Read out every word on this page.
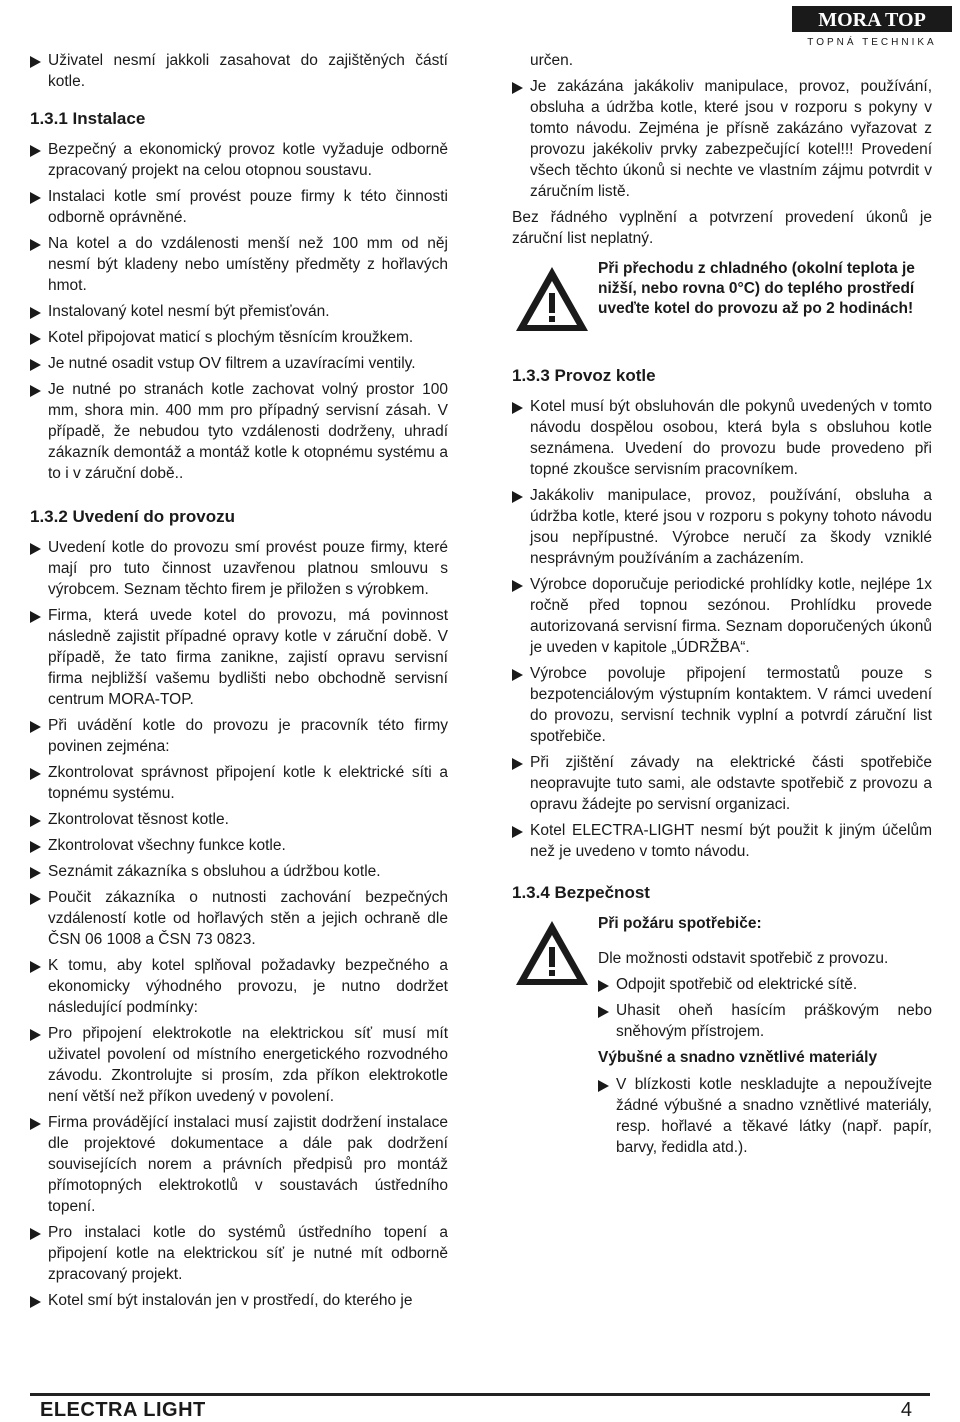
MORA TOP
TOPNÁ TECHNIKA
Uživatel nesmí jakkoli zasahovat do zajištěných částí kotle.
1.3.1 Instalace
Bezpečný a ekonomický provoz kotle vyžaduje odborně zpracovaný projekt na celou otopnou soustavu.
Instalaci kotle smí provést pouze firmy k této činnosti odborně oprávněné.
Na kotel a do vzdálenosti menší než 100 mm od něj nesmí být kladeny nebo umístěny předměty z hořlavých hmot.
Instalovaný kotel nesmí být přemisťován.
Kotel připojovat maticí s plochým těsnícím kroužkem.
Je nutné osadit vstup OV filtrem a uzavíracími ventily.
Je nutné po stranách kotle zachovat volný prostor 100 mm, shora min. 400 mm pro případný servisní zásah. V případě, že nebudou tyto vzdálenosti dodrženy, uhradí zákazník demontáž a montáž kotle k otopnému systému a to i v záruční době..
1.3.2 Uvedení do provozu
Uvedení kotle do provozu smí provést pouze firmy, které mají pro tuto činnost uzavřenou platnou smlouvu s výrobcem. Seznam těchto firem je přiložen s výrobkem.
Firma, která uvede kotel do provozu, má povinnost následně zajistit případné opravy kotle v záruční době. V případě, že tato firma zanikne, zajistí opravu servisní firma nejbližší vašemu bydlišti nebo obchodně servisní centrum MORA-TOP.
Při uvádění kotle do provozu je pracovník této firmy povinen zejména:
Zkontrolovat správnost připojení kotle k elektrické síti a topnému systému.
Zkontrolovat těsnost kotle.
Zkontrolovat všechny funkce kotle.
Seznámit zákazníka s obsluhou a údržbou kotle.
Poučit zákazníka o nutnosti zachování bezpečných vzdáleností kotle od hořlavých stěn a jejich ochraně dle ČSN 06 1008 a ČSN 73 0823.
K tomu, aby kotel splňoval požadavky bezpečného a ekonomicky výhodného provozu, je nutno dodržet následující podmínky:
Pro připojení elektrokotle na elektrickou síť musí mít uživatel povolení od místního energetického rozvodného závodu. Zkontrolujte si prosím, zda příkon elektrokotle není větší než příkon uvedený v povolení.
Firma provádějící instalaci musí zajistit dodržení instalace dle projektové dokumentace a dále pak dodržení souvisejících norem a právních předpisů pro montáž přímotopných elektrokotlů v soustavách ústředního topení.
Pro instalaci kotle do systémů ústředního topení a připojení kotle na elektrickou síť je nutné mít odborně zpracovaný projekt.
Kotel smí být instalován jen v prostředí, do kterého je
určen.
Je zakázána jakákoliv manipulace, provoz, používání, obsluha a údržba kotle, které jsou v rozporu s pokyny v tomto návodu. Zejména je přísně zakázáno vyřazovat z provozu jakékoliv prvky zabezpečující kotel!!! Provedení všech těchto úkonů si nechte ve vlastním zájmu potvrdit v záručním listě.
Bez řádného vyplnění a potvrzení provedení úkonů je záruční list neplatný.
Při přechodu z chladného (okolní teplota je nižší, nebo rovna 0°C) do teplého prostředí uveďte kotel do provozu až po 2 hodinách!
1.3.3 Provoz kotle
Kotel musí být obsluhován dle pokynů uvedených v tomto návodu dospělou osobou, která byla s obsluhou kotle seznámena. Uvedení do provozu bude provedeno při topné zkoušce servisním pracovníkem.
Jakákoliv manipulace, provoz, používání, obsluha a údržba kotle, které jsou v rozporu s pokyny tohoto návodu jsou nepřípustné. Výrobce neručí za škody vzniklé nesprávným používáním a zacházením.
Výrobce doporučuje periodické prohlídky kotle, nejlépe 1x ročně před topnou sezónou. Prohlídku provede autorizovaná servisní firma. Seznam doporučených úkonů je uveden v kapitole „ÚDRŽBA“.
Výrobce povoluje připojení termostatů pouze s bezpotenciálovým výstupním kontaktem. V rámci uvedení do provozu, servisní technik vyplní a potvrdí záruční list spotřebiče.
Při zjištění závady na elektrické části spotřebiče neopravujte tuto sami, ale odstavte spotřebič z provozu a opravu žádejte po servisní organizaci.
Kotel ELECTRA-LIGHT nesmí být použit k jiným účelům než je uvedeno v tomto návodu.
1.3.4 Bezpečnost
Při požáru spotřebiče:
Dle možnosti odstavit spotřebič z provozu.
Odpojit spotřebič od elektrické sítě.
Uhasit oheň hasícím práškovým nebo sněhovým přístrojem.
Výbušné a snadno vznětlivé materiály
V blízkosti kotle neskladujte a nepoužívejte žádné výbušné a snadno vznětlivé materiály, resp. hořlavé a těkavé látky (např. papír, barvy, ředidla atd.).
ELECTRA LIGHT	4
